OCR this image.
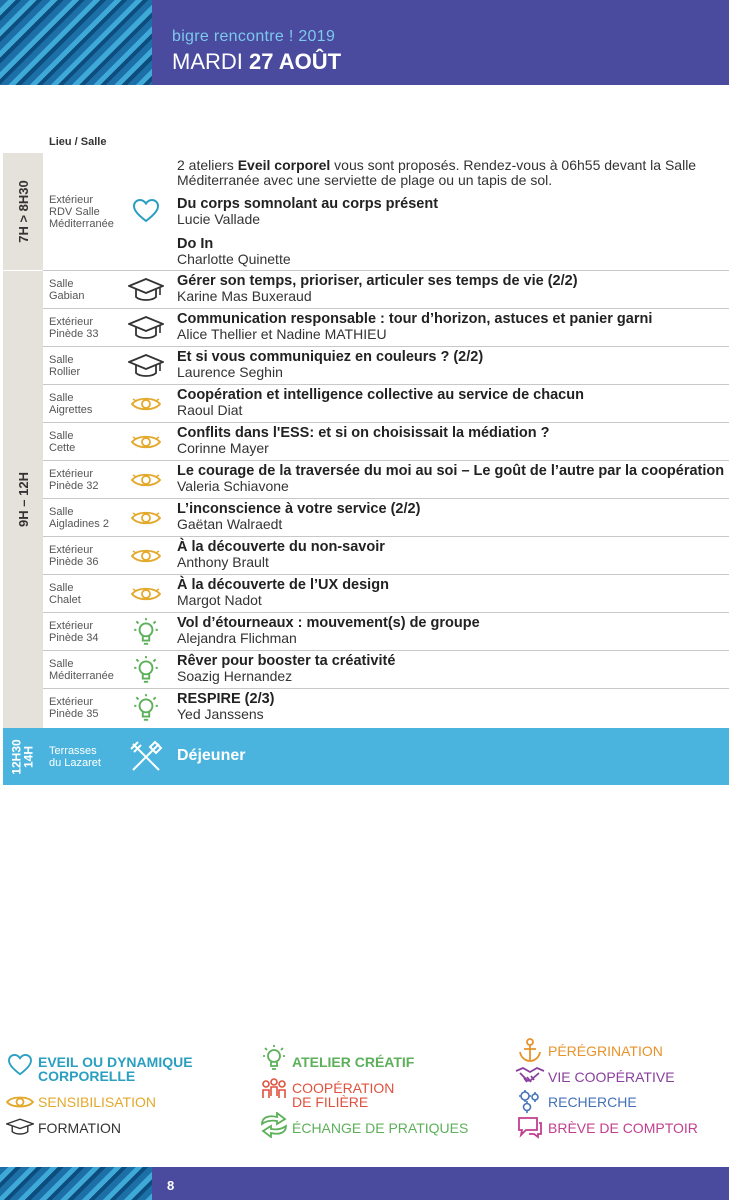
bigre rencontre ! 2019
MARDI 27 AOÛT
Lieu / Salle
7H > 8H30
9H – 12H
Extérieur
RDV Salle
Méditerranée
2 ateliers Eveil corporel vous sont proposés. Rendez-vous à 06h55 devant la Salle Méditerranée avec une serviette de plage ou un tapis de sol.
Du corps somnolant au corps présent
Lucie Vallade
Do In
Charlotte Quinette
Salle
Gabian
Gérer son temps, prioriser, articuler ses temps de vie (2/2)
Karine Mas Buxeraud
Extérieur
Pinède 33
Communication responsable : tour d’horizon, astuces et panier garni
Alice Thellier et Nadine MATHIEU
Salle
Rollier
Et si vous communiquiez en couleurs ? (2/2)
Laurence Seghin
Salle
Aigrettes
Coopération et intelligence collective au service de chacun
Raoul Diat
Salle
Cette
Conflits dans l'ESS: et si on choisissait la médiation ?
Corinne Mayer
Extérieur
Pinède 32
Le courage de la traversée du moi au soi – Le goût de l’autre par la coopération Valeria Schiavone
Salle
Aigladines 2
L’inconscience à votre service (2/2)
Gaëtan Walraedt
Extérieur
Pinède 36
À la découverte du non-savoir
Anthony Brault
Salle
Chalet
À la découverte de l’UX design
Margot Nadot
Extérieur
Pinède 34
Vol d’étourneaux : mouvement(s) de groupe
Alejandra Flichman
Salle
Méditerranée
Rêver pour booster ta créativité
Soazig Hernandez
Extérieur
Pinède 35
RESPIRE (2/3)
Yed Janssens
12H30
14H Terrasses
du Lazaret	Déjeuner
EVEIL OU DYNAMIQUE
CORPORELLE
SENSIBILISATION
FORMATION
ATELIER CRÉATIF
COOPÉRATION
DE FILIÈRE
ÉCHANGE DE PRATIQUES
PÉRÉGRINATION
VIE COOPÉRATIVE
RECHERCHE
BRÈVE DE COMPTOIR
8
